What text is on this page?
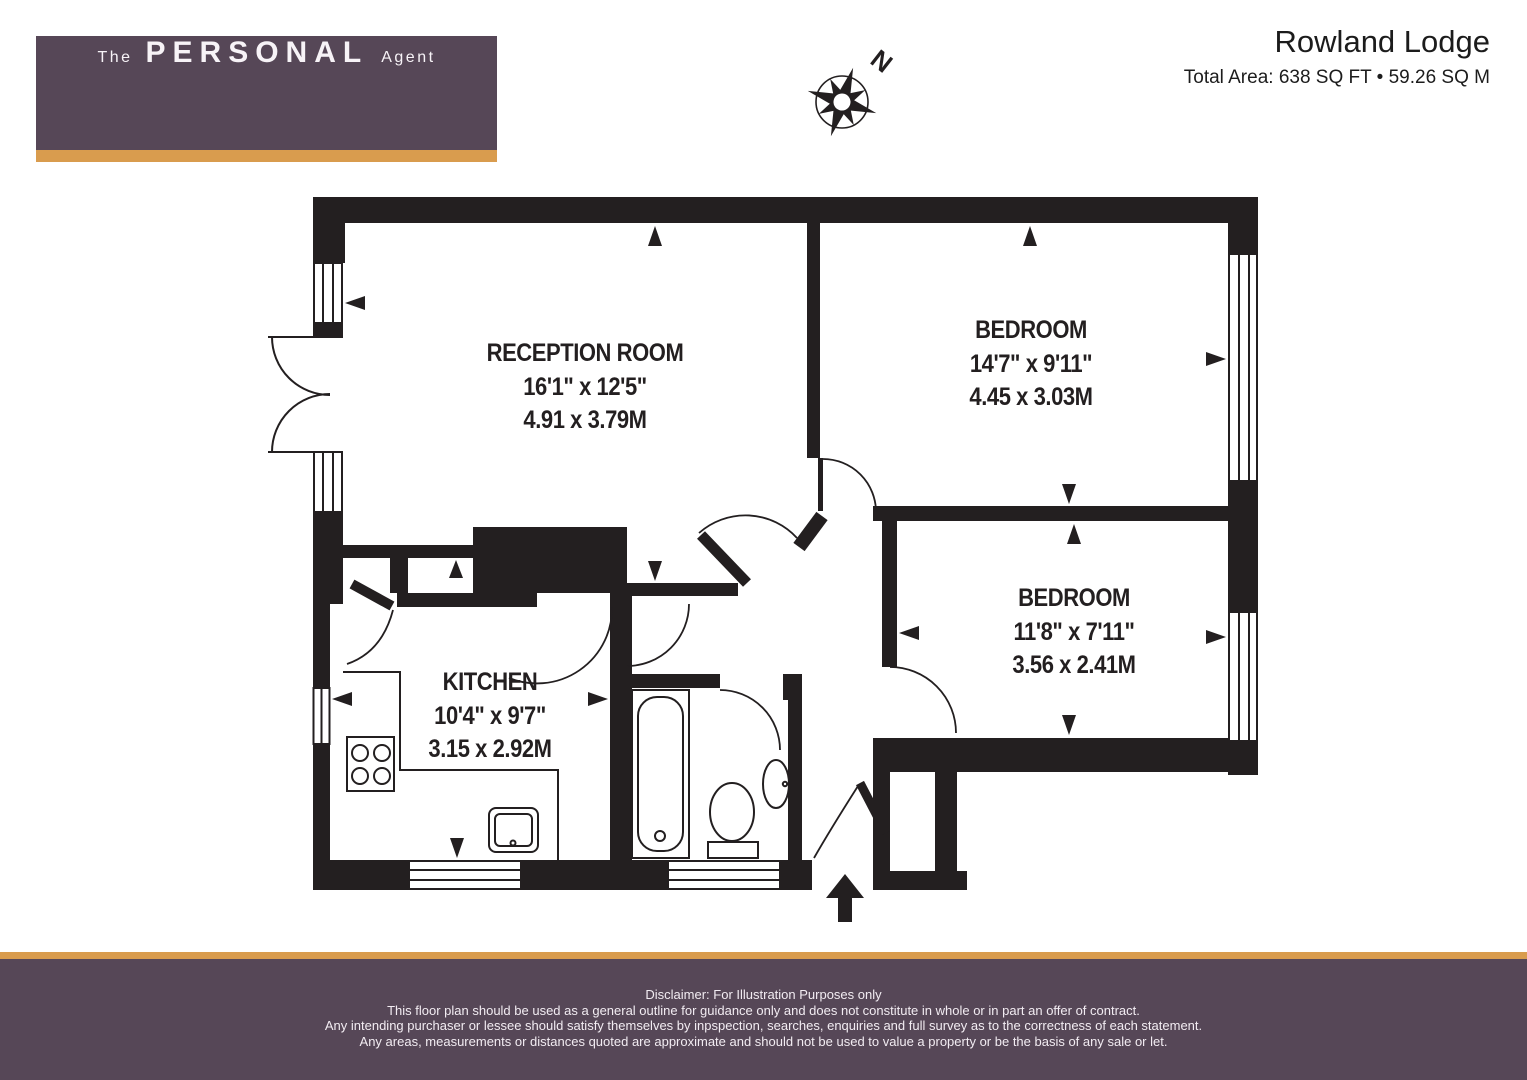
The PERSONAL Agent	Rowland Lodge
Total Area: 638 SQ FT • 59.26 SQ M
N
RECEPTION ROOM
16'1" x 12'5"
4.91 x 3.79M
BEDROOM
14'7" x 9'11"
4.45 x 3.03M
BEDROOM
11'8" x 7'11"
3.56 x 2.41M
KITCHEN
10'4" x 9'7"
3.15 x 2.92M
Disclaimer: For Illustration Purposes only
This floor plan should be used as a general outline for guidance only and does not constitute in whole or in part an offer of contract.
Any intending purchaser or lessee should satisfy themselves by inpspection, searches, enquiries and full survey as to the correctness of each statement.
Any areas, measurements or distances quoted are approximate and should not be used to value a property or be the basis of any sale or let.
